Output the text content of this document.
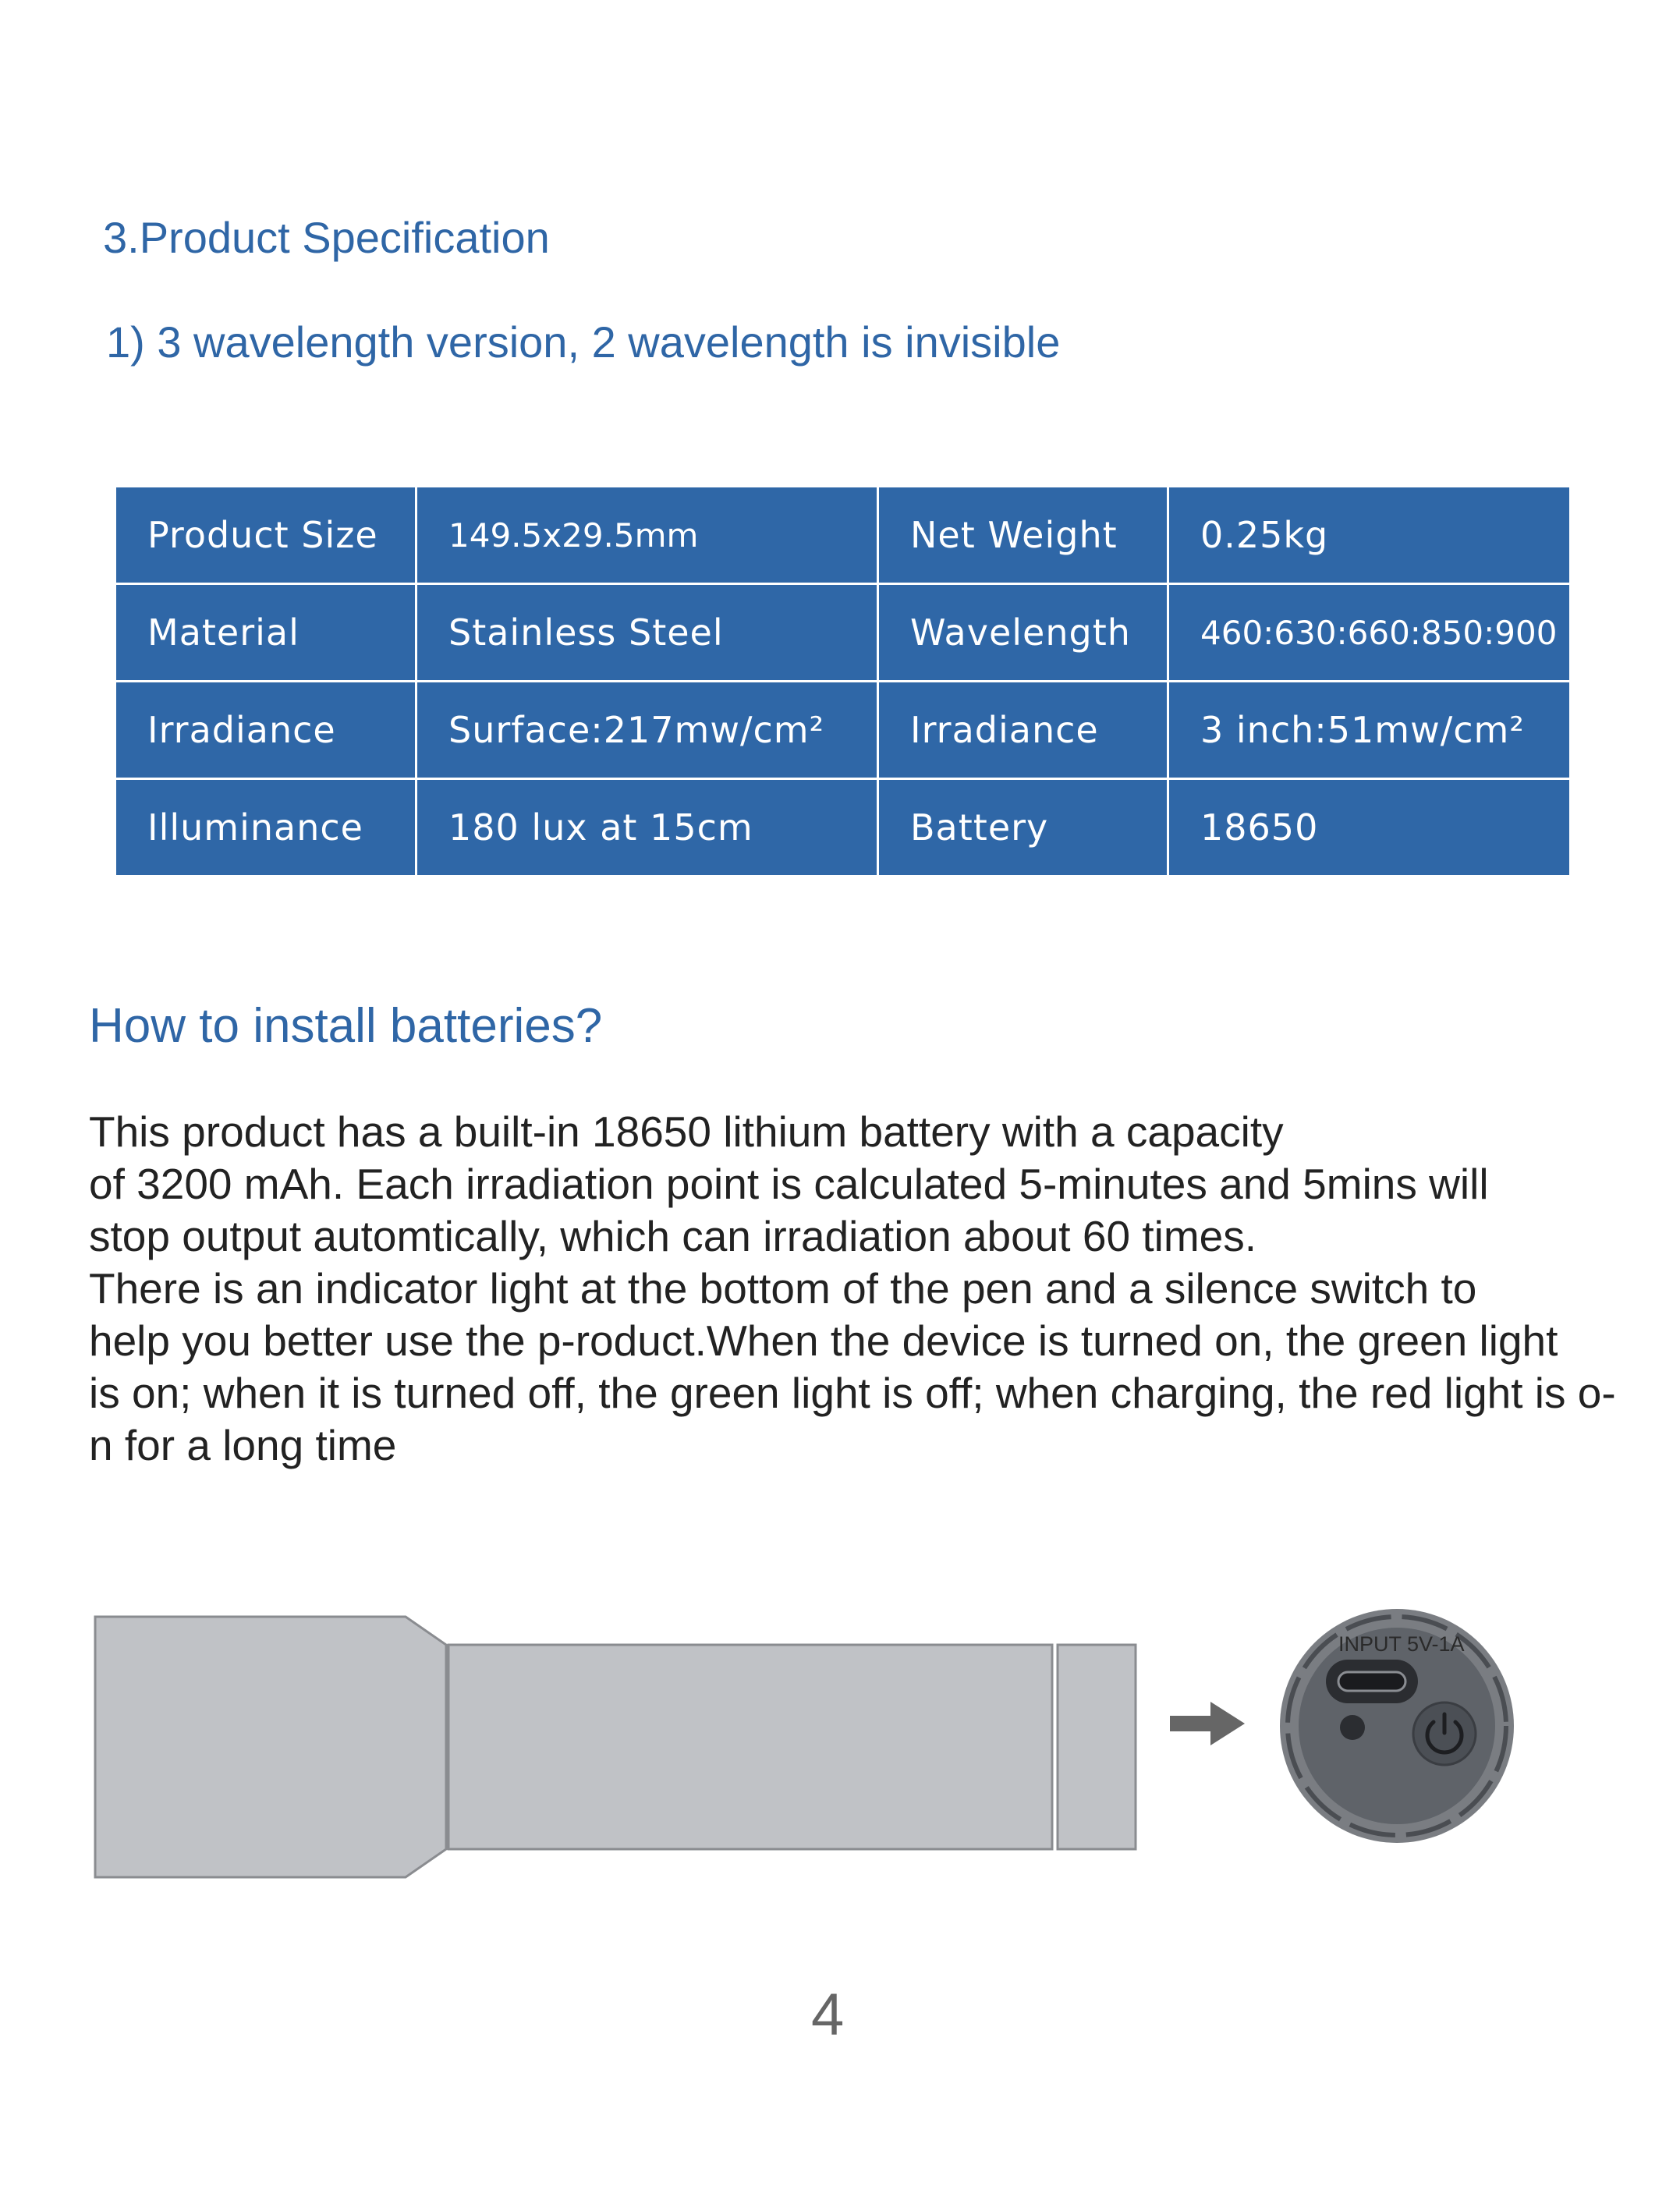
3.Product Specification
1) 3 wavelength version, 2 wavelength is invisible
Product Size	149.5x29.5mm	Net Weight	0.25kg
Material	Stainless Steel	Wavelength	460:630:660:850:900
Irradiance	Surface:217mw/cm²	Irradiance	3 inch:51mw/cm²
Illuminance	180 lux at 15cm	Battery	18650
How to install batteries?

This product has a built-in 18650 lithium battery with a capacity

of 3200 mAh. Each irradiation point is calculated 5-minutes and 5mins will

stop output automtically, which can irradiation about 60 times.

There is an indicator light at the bottom of the pen and a silence switch to

help you better use the p-roduct.When the device is turned on, the green light

is on; when it is turned off, the green light is off; when charging, the red light is o-

n for a long time

INPUT 5V-1A
4
